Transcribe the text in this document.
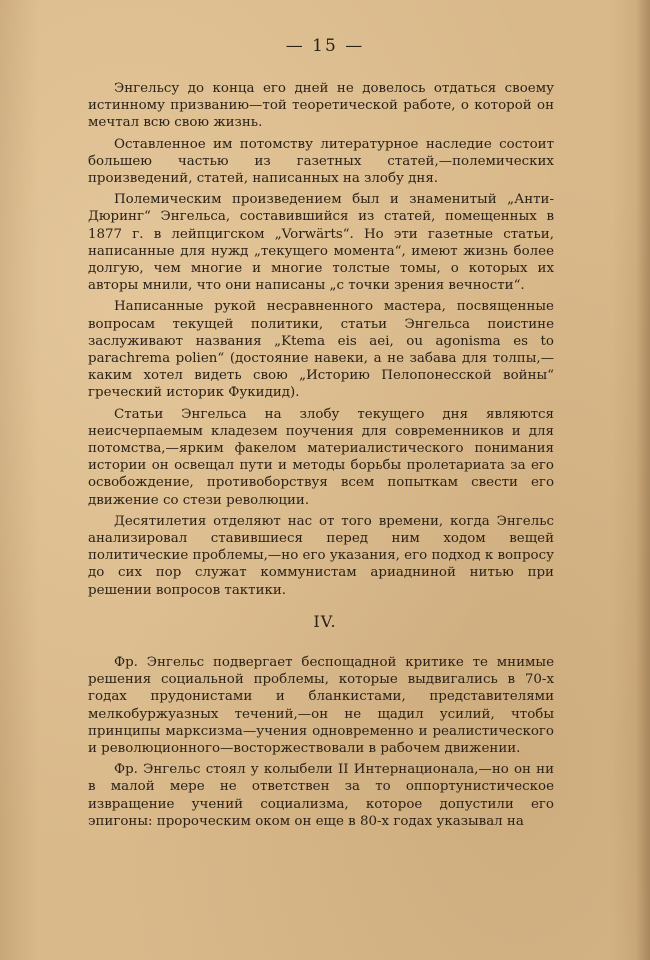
— 15 —

Энгельсу до конца его дней не довелось отдаться своему истинному призванию—той теоретической работе, о которой он мечтал всю свою жизнь.

Оставленное им потомству литературное наследие состоит большею частью из газетных статей,—полемических произведений, статей, написанных на злобу дня.

Полемическим произведением был и знаменитый „Анти-Дюринг“ Энгельса, составившийся из статей, помещенных в 1877 г. в лейпцигском „Vorwärts“. Но эти газетные статьи, написанные для нужд „текущего момента“, имеют жизнь более долгую, чем многие и многие толстые томы, о которых их авторы мнили, что они написаны „с точки зрения вечности“.

Написанные рукой несравненного мастера, посвященные вопросам текущей политики, статьи Энгельса поистине заслуживают названия „Ktema eis aei, ou agonisma es to parachrema polien“ (достояние навеки, а не забава для толпы,—каким хотел видеть свою „Историю Пелопонесской войны“ греческий историк Фукидид).

Статьи Энгельса на злобу текущего дня являются неисчерпаемым кладезем поучения для современников и для потомства,—ярким факелом материалистического понимания истории он освещал пути и методы борьбы пролетариата за его освобождение, противоборствуя всем попыткам свести его движение со стези революции.

Десятилетия отделяют нас от того времени, когда Энгельс анализировал ставившиеся перед ним ходом вещей политические проблемы,—но его указания, его подход к вопросу до сих пор служат коммунистам ариадниной нитью при решении вопросов тактики.

IV.

Фр. Энгельс подвергает беспощадной критике те мнимые решения социальной проблемы, которые выдвигались в 70-х годах прудонистами и бланкистами, представителями мелкобуржуазных течений,—он не щадил усилий, чтобы принципы марксизма—учения одновременно и реалистического и революционного—восторжествовали в рабочем движении.

Фр. Энгельс стоял у колыбели II Интернационала,—но он ни в малой мере не ответствен за то оппортунистическое извращение учений социализма, которое допустили его эпигоны: пророческим оком он еще в 80-х годах указывал на
